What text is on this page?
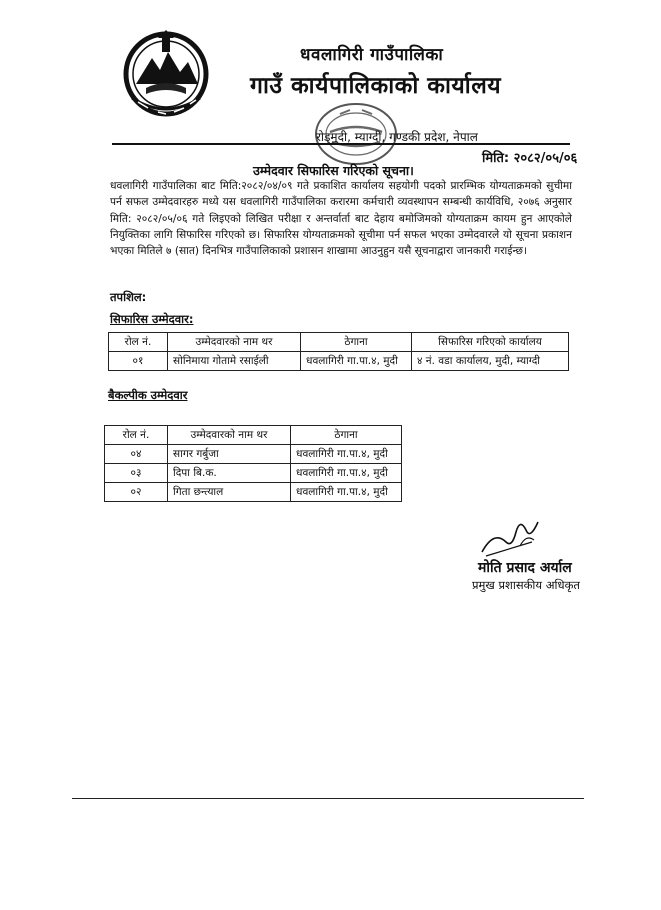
धवलागिरी गाउँपालिका
गाउँ कार्यपालिकाको कार्यालय
रोड्मुदी, म्याग्दी, गण्डकी प्रदेश, नेपाल
मिति: २०८२/०५/०६
उम्मेदवार सिफारिस गरिएको सूचना।
धवलागिरी गाउँपालिका बाट मिति:२०८२/०४/०९ गते प्रकाशित कार्यालय सहयोगी पदको प्रारम्भिक योग्यताक्रमको सुचीमा पर्न सफल उम्मेदवारहरु मध्ये यस धवलागिरी गाउँपालिका करारमा कर्मचारी व्यवस्थापन सम्बन्धी कार्यविधि, २०७६ अनुसार मिति: २०८२/०५/०६ गते लिइएको लिखित परीक्षा र अन्तर्वार्ता बाट देहाय बमोजिमको योग्यताक्रम कायम हुन आएकोले नियुक्तिका लागि सिफारिस गरिएको छ। सिफारिस योग्यताक्रमको सूचीमा पर्न सफल भएका उम्मेदवारले यो सूचना प्रकाशन भएका मितिले ७ (सात) दिनभित्र गाउँपालिकाको प्रशासन शाखामा आउनुहुन यसै सूचनाद्वारा जानकारी गराईन्छ।
तपशिल:
सिफारिस उम्मेदवार:
रोल नं.	उम्मेदवारको नाम थर	ठेगाना	सिफारिस गरिएको कार्यालय
०१	सोनिमाया गोतामे रसाईली	धवलागिरी गा.पा.४, मुदी	४ नं. वडा कार्यालय, मुदी, म्याग्दी
बैकल्पीक उम्मेदवार
रोल नं.	उम्मेदवारको नाम थर	ठेगाना
०४	सागर गर्बुजा	धवलागिरी गा.पा.४, मुदी
०३	दिपा बि.क.	धवलागिरी गा.पा.४, मुदी
०२	गिता छन्त्याल	धवलागिरी गा.पा.४, मुदी
मोति प्रसाद अर्याल
प्रमुख प्रशासकीय अधिकृत
